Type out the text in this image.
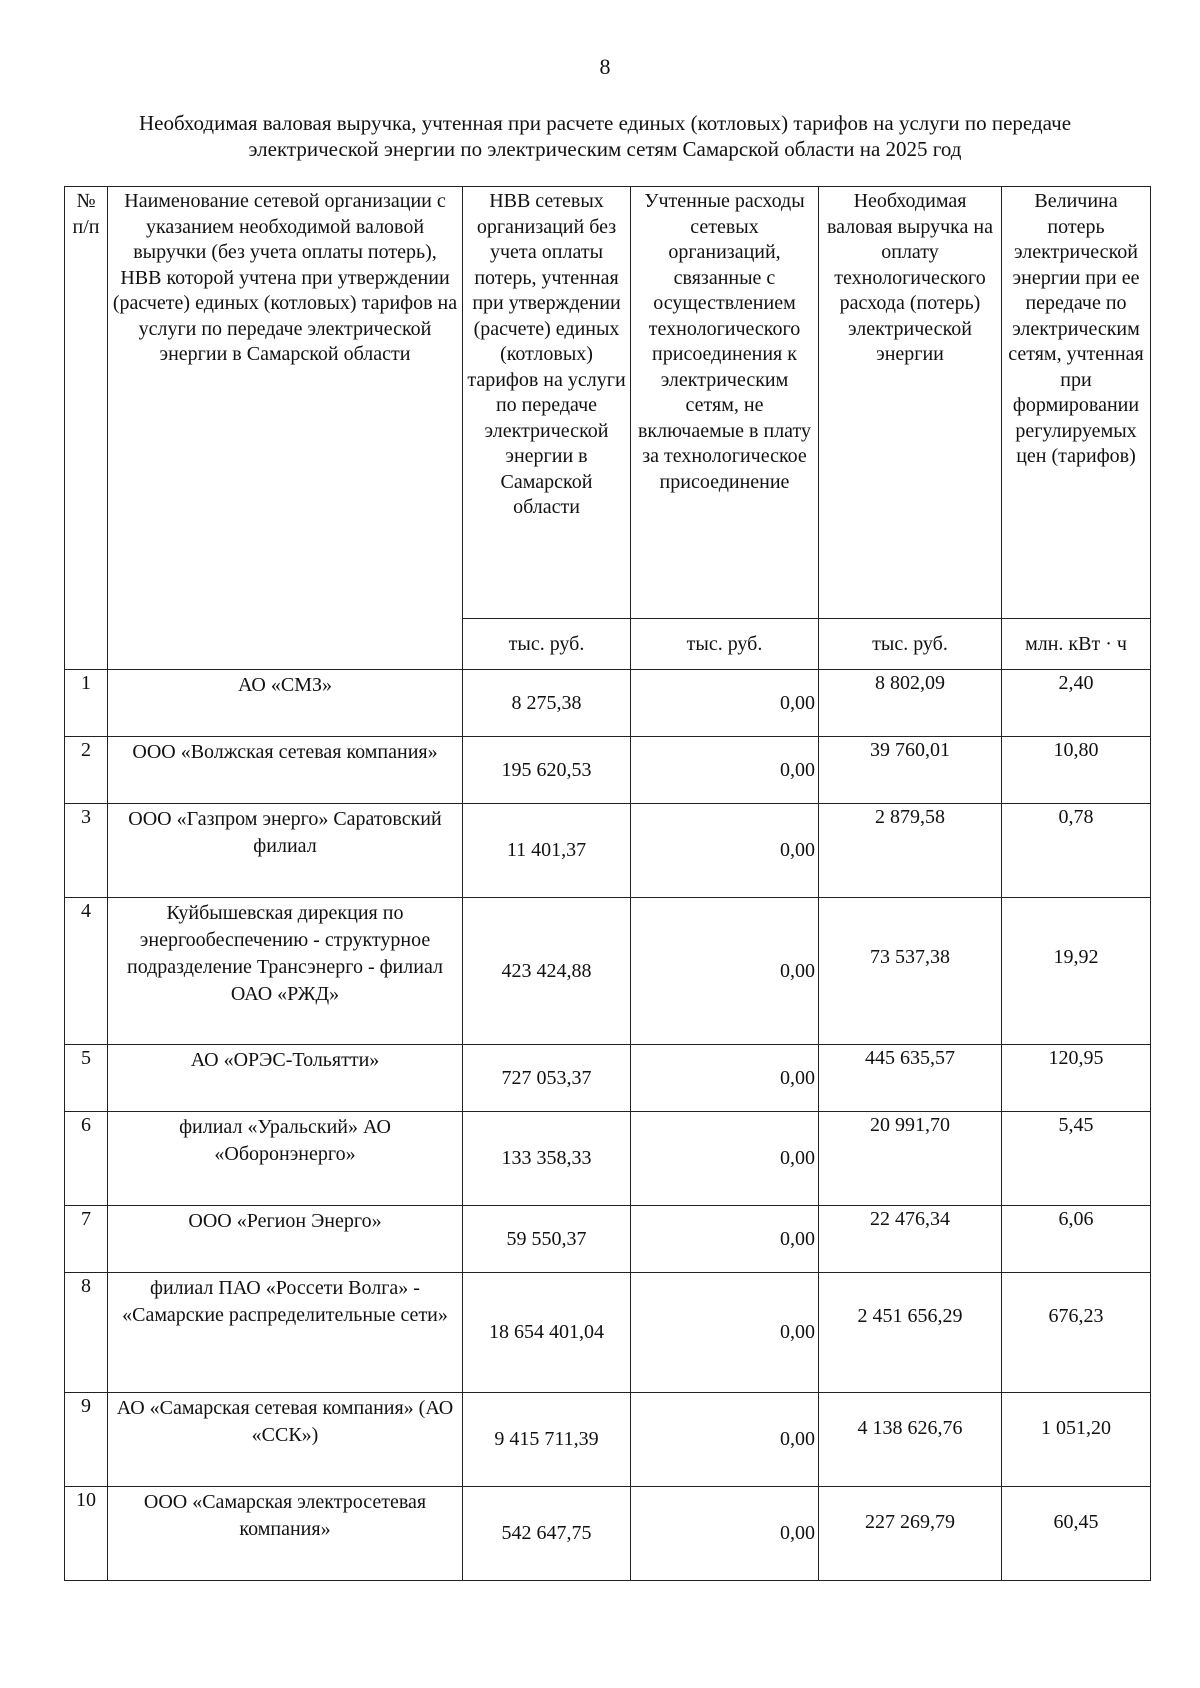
8
Необходимая валовая выручка, учтенная при расчете единых (котловых) тарифов на услуги по передаче электрической энергии по электрическим сетям Самарской области на 2025 год
№ п/п	Наименование сетевой организации с указанием необходимой валовой выручки (без учета оплаты потерь), НВВ которой учтена при утверждении (расчете) единых (котловых) тарифов на услуги по передаче электрической энергии в Самарской области	НВВ сетевых организаций без учета оплаты потерь, учтенная при утверждении (расчете) единых (котловых) тарифов на услуги по передаче электрической энергии в Самарской области	Учтенные расходы сетевых организаций, связанные с осуществлением технологического присоединения к электрическим сетям, не включаемые в плату за технологическое присоединение	Необходимая валовая выручка на оплату технологического расхода (потерь) электрической энергии	Величина потерь электрической энергии при ее передаче по электрическим сетям, учтенная при формировании регулируемых цен (тарифов)
		тыс. руб.	тыс. руб.	тыс. руб.	млн. кВт · ч
1	АО «СМЗ»	8 275,38	0,00	8 802,09	2,40
2	ООО «Волжская сетевая компания»	195 620,53	0,00	39 760,01	10,80
3	ООО «Газпром энерго» Саратовский филиал	11 401,37	0,00	2 879,58	0,78
4	Куйбышевская дирекция по энергообеспечению - структурное подразделение Трансэнерго - филиал ОАО «РЖД»	423 424,88	0,00	73 537,38	19,92
5	АО «ОРЭС-Тольятти»	727 053,37	0,00	445 635,57	120,95
6	филиал «Уральский» АО «Оборонэнерго»	133 358,33	0,00	20 991,70	5,45
7	ООО «Регион Энерго»	59 550,37	0,00	22 476,34	6,06
8	филиал ПАО «Россети Волга» - «Самарские распределительные сети»	18 654 401,04	0,00	2 451 656,29	676,23
9	АО «Самарская сетевая компания» (АО «ССК»)	9 415 711,39	0,00	4 138 626,76	1 051,20
10	ООО «Самарская электросетевая компания»	542 647,75	0,00	227 269,79	60,45
